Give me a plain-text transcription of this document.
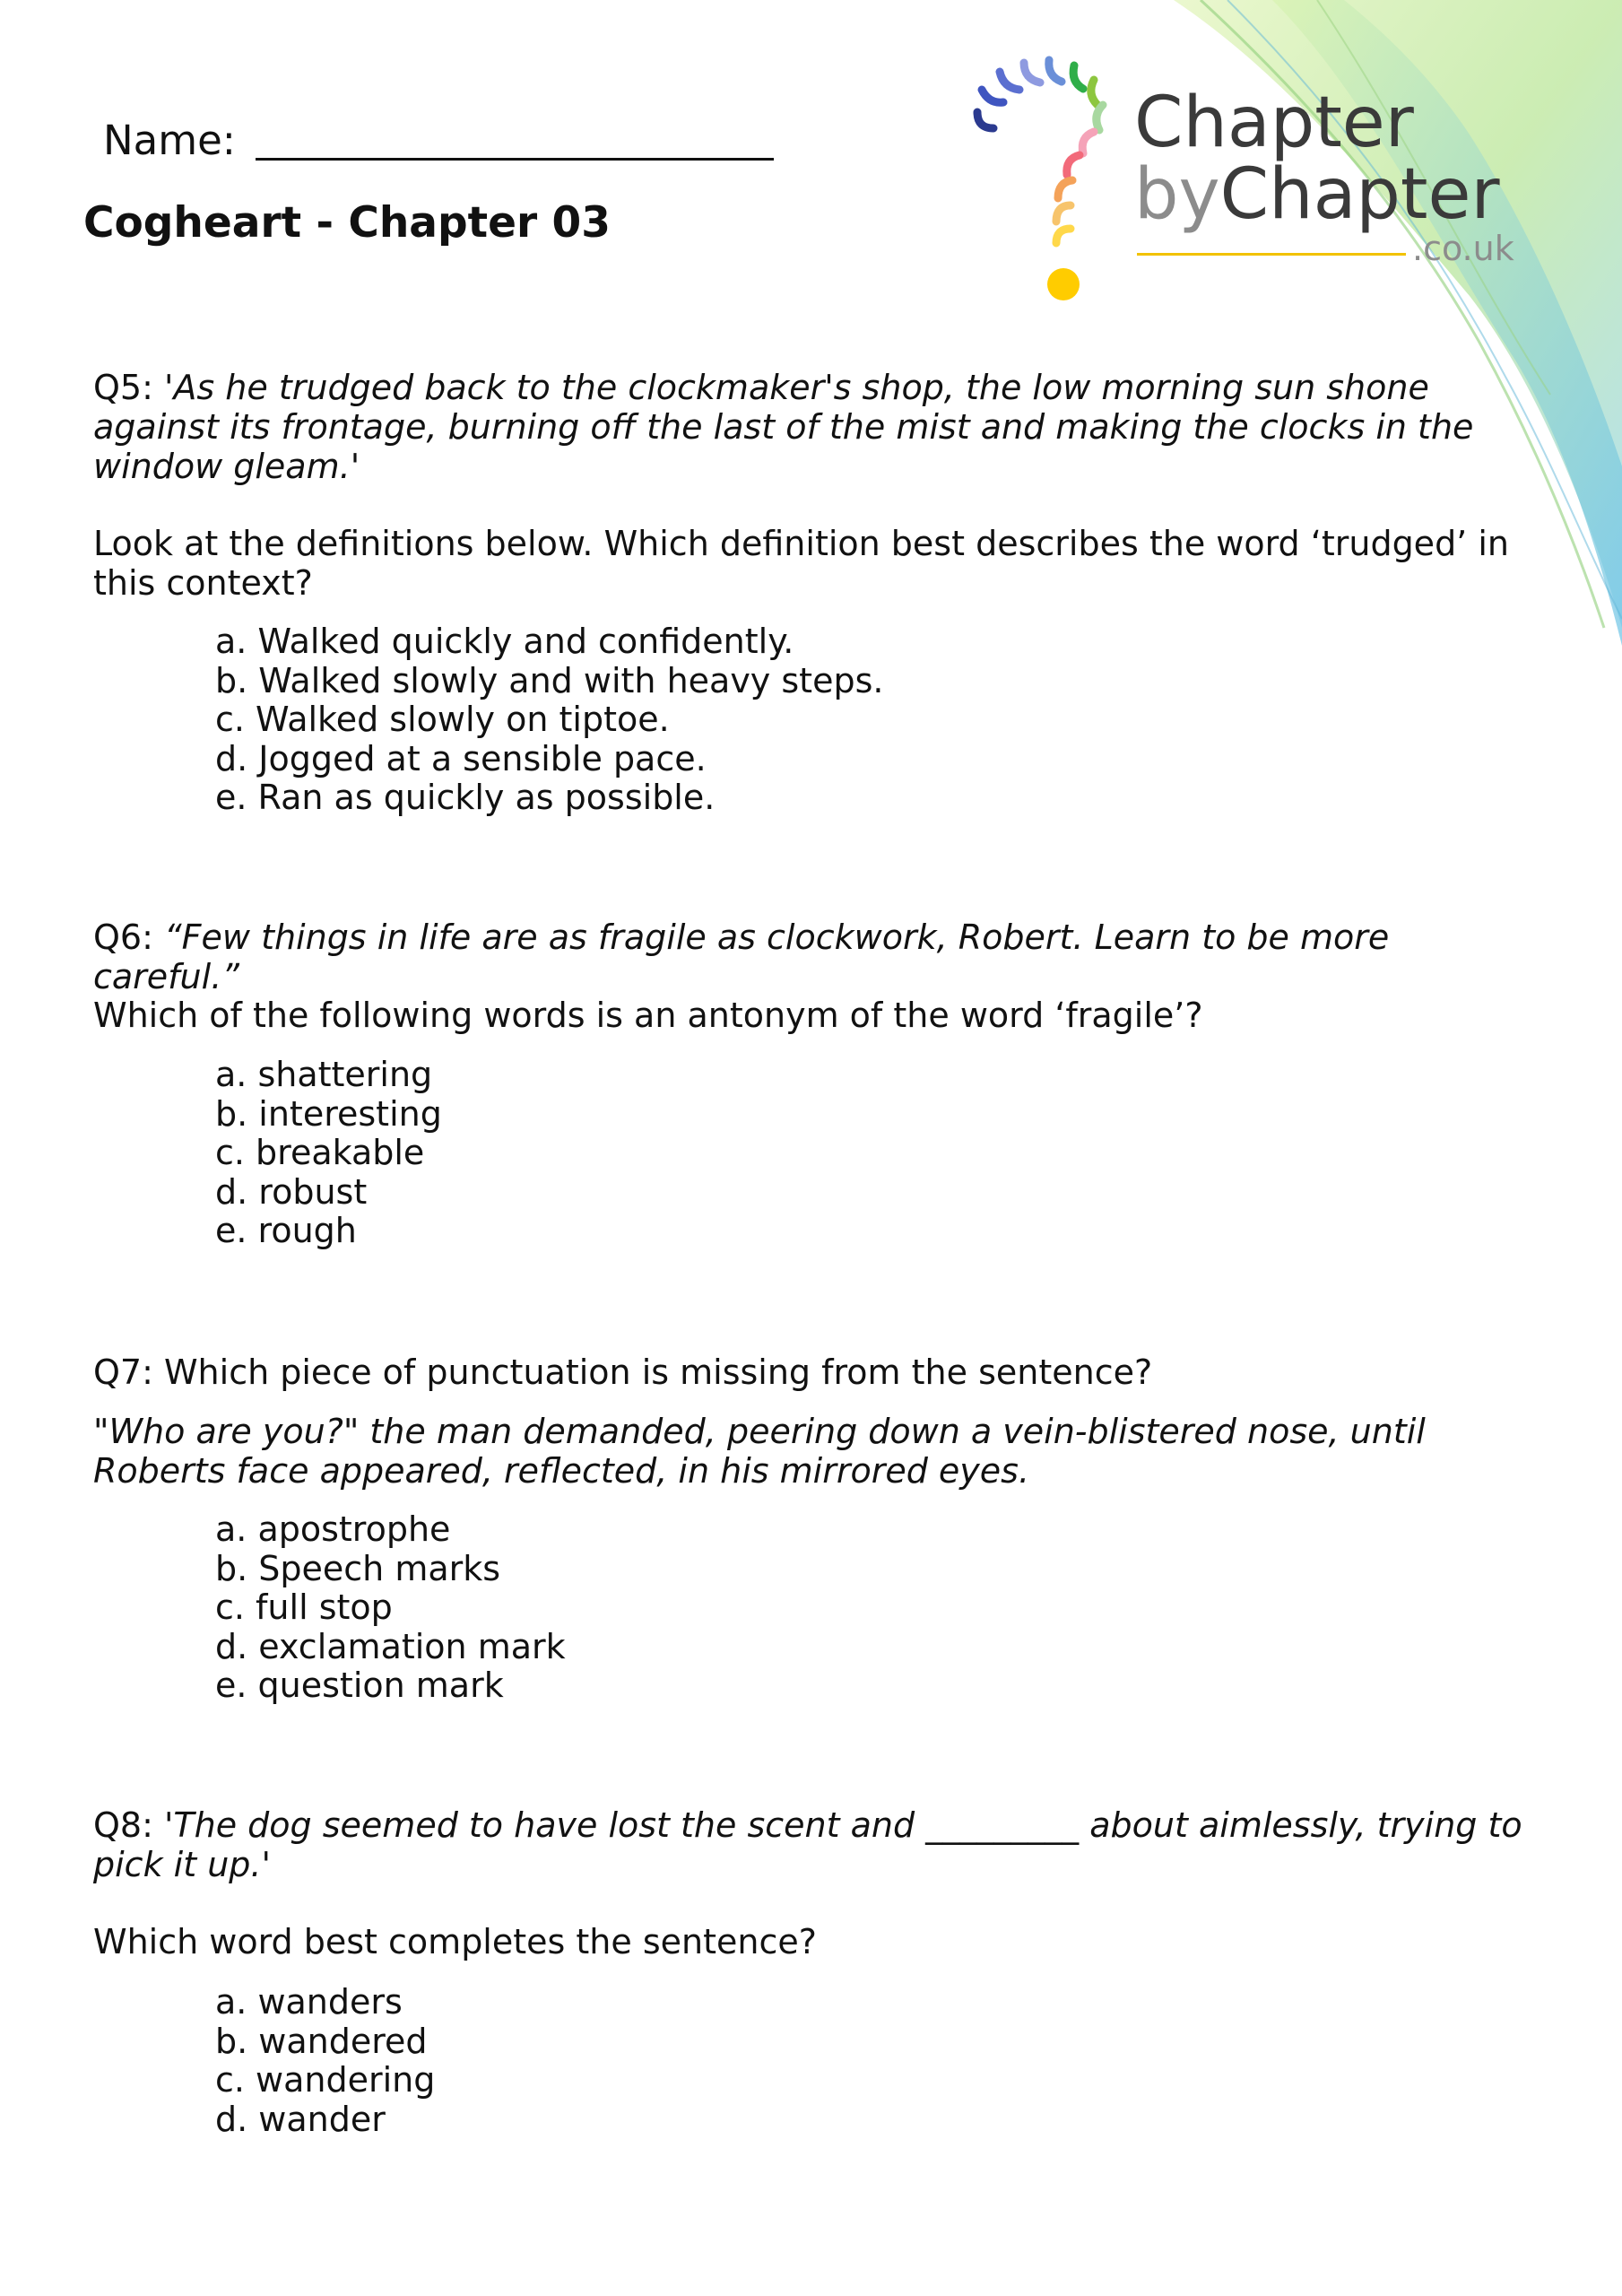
Chapter
byChapter
.co.uk
Name:
Cogheart - Chapter 03
Q5: 'As he trudged back to the clockmaker's shop, the low morning sun shone against its frontage, burning off the last of the mist and making the clocks in the window gleam.'
Look at the definitions below. Which definition best describes the word ‘trudged’ in this context?
a. Walked quickly and confidently.
b. Walked slowly and with heavy steps.
c. Walked slowly on tiptoe.
d. Jogged at a sensible pace.
e. Ran as quickly as possible.
Q6: “Few things in life are as fragile as clockwork, Robert. Learn to be more careful.”
Which of the following words is an antonym of the word ‘fragile’?
a. shattering
b. interesting
c. breakable
d. robust
e. rough
Q7: Which piece of punctuation is missing from the sentence?
"Who are you?" the man demanded, peering down a vein-blistered nose, until Roberts face appeared, reflected, in his mirrored eyes.
a. apostrophe
b. Speech marks
c. full stop
d. exclamation mark
e. question mark
Q8: 'The dog seemed to have lost the scent and _________ about aimlessly, trying to pick it up.'
Which word best completes the sentence?
a. wanders
b. wandered
c. wandering
d. wander
